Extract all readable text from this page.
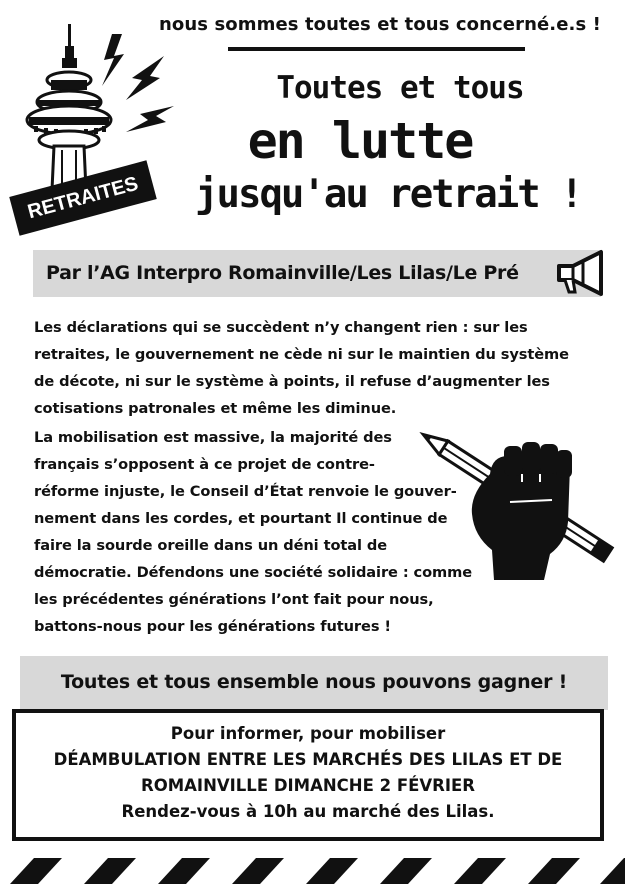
nous sommes toutes et tous concerné.e.s !
Toutes et tous
en lutte
jusqu'au retrait !
RETRAITES
Par l’AG Interpro Romainville/Les Lilas/Le Pré
Les déclarations qui se succèdent n’y changent rien : sur les
retraites, le gouvernement ne cède ni sur le maintien du système
de décote, ni sur le système à points, il refuse d’augmenter les
cotisations patronales et même les diminue.
La mobilisation est massive, la majorité des
français s’opposent à ce projet de contre-
réforme injuste, le Conseil d’État renvoie le gouver-
nement dans les cordes, et pourtant Il continue de
faire la sourde oreille dans un déni total de
démocratie. Défendons une société solidaire : comme
les précédentes générations l’ont fait pour nous,
battons-nous pour les générations futures !
Toutes et tous ensemble nous pouvons gagner !
Pour informer, pour mobiliser
DÉAMBULATION ENTRE LES MARCHÉS DES LILAS ET DE
ROMAINVILLE DIMANCHE 2 FÉVRIER
Rendez-vous à 10h au marché des Lilas.
